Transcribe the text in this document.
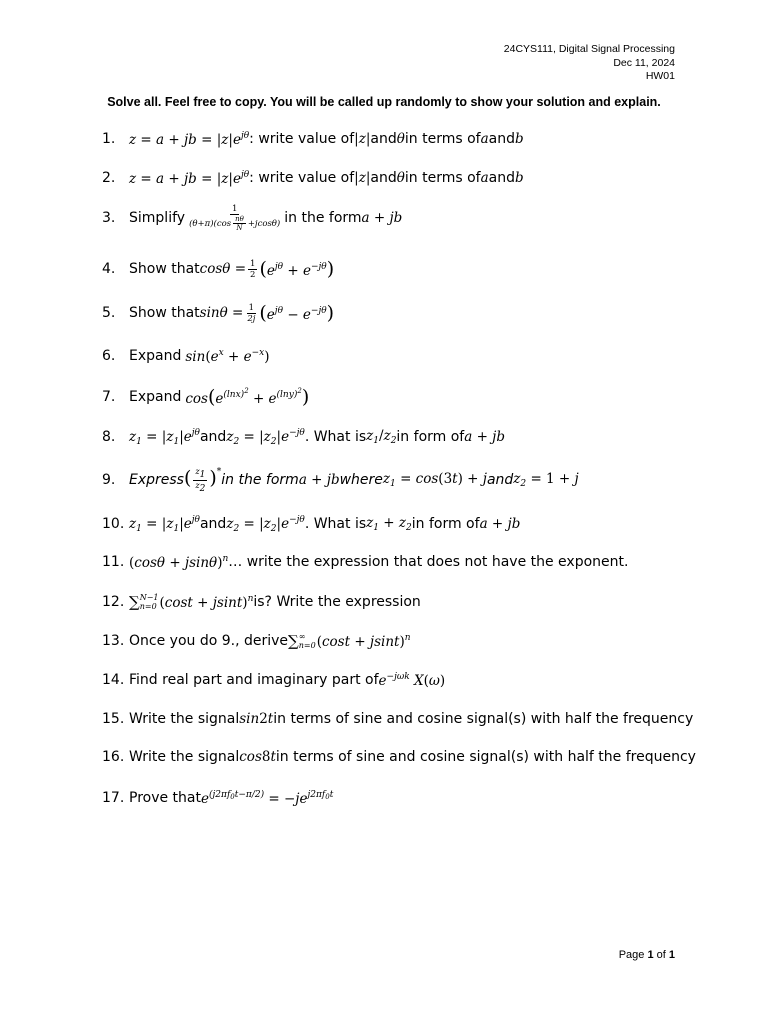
24CYS111, Digital Signal Processing
Dec 11, 2024
HW01
Solve all. Feel free to copy. You will be called up randomly to show your solution and explain.
1.	z = a + jb = $|z|e^{j\theta}$ : write value of |z| and θ in terms of a and b
2.	z = a + jb = $|z|e^{j\theta}$ : write value of |z| and θ in terms of a and b
3. Simplify $\frac{1}{(\theta+\pi)(\cos \frac{n\theta}{N} +jcos\theta)}$ in the form a + jb
4. Show that $\cos\theta = \frac{1}{2} (e^{j\theta} + e^{-j\theta})$
5. Show that $\sin\theta = \frac{1}{2j} (e^{j\theta} - e^{-j\theta})$
6. Expand $\sin(e^x + e^{-x})$
7. Expand $\cos(e^{(lnx)^2} + e^{(lny)^2})$
8.	$z_1 = |z_1|e^{j\theta}$ and $z_2 = |z_2|e^{-j\theta}$ . What is $z_1/z_2$ in form of a + jb
9. Express ( $\frac{z_1}{z_2} )^*$
in the form a + jb where $z_1 = \cos(3t) + j$ and $z_2 = 1 + j$
10. $z_1 = |z_1|e^{j\theta}$ and $z_2 = |z_2|e^{-j\theta}$ . What is $z_1 + z_2$ in form of a + jb
11. $(\cos\theta + jsin\theta)^n$ … write the expression that does not have the exponent.
12. ∑ N−1
n=0 $(\cos t + jsint)^n$ is? Write the expression
13. Once you do 9., derive ∑ ∞
n=0 $(\cos t + jsint)^n$
14. Find real part and imaginary part of $e^{-j\omega k}$ X(ω)
15. Write the signal sin2t in terms of sine and cosine signal(s) with half the frequency
16. Write the signal cos8t in terms of sine and cosine signal(s) with half the frequency
17. Prove that $e^{(j2\pi f_0t-\pi/2)} = -je^{j2\pi f_0t}$
Page 1 of 1
